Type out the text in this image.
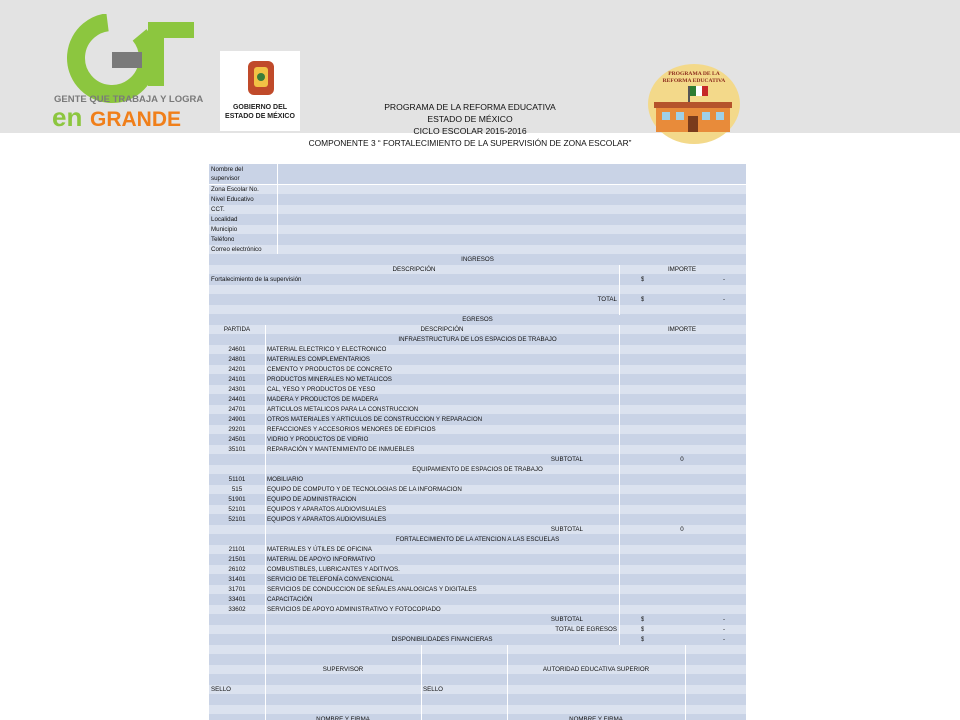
GENTE QUE TRABAJA Y LOGRA
en GRANDE
GOBIERNO DEL
ESTADO DE MÉXICO
PROGRAMA DE LA
REFORMA EDUCATIVA
PROGRAMA DE LA REFORMA EDUCATIVA
ESTADO DE MÉXICO
CICLO ESCOLAR 2015-2016
COMPONENTE 3 “ FORTALECIMIENTO DE LA SUPERVISIÓN DE ZONA ESCOLAR”
Nombre del
supervisor
Zona Escolar No.
Nivel Educativo
CCT.
Localidad
Municipio
Teléfono
Correo electrónico
INGRESOS
DESCRIPCIÓN	IMPORTE
Fortalecimiento de la supervisión	$	-
TOTAL	$	-
EGRESOS
PARTIDA	DESCRIPCIÓN	IMPORTE
INFRAESTRUCTURA DE LOS ESPACIOS DE TRABAJO
24601	MATERIAL ELECTRICO Y ELECTRONICO
24801	MATERIALES COMPLEMENTARIOS
24201	CEMENTO Y PRODUCTOS DE CONCRETO
24101	PRODUCTOS MINERALES NO METALICOS
24301	CAL, YESO Y PRODUCTOS DE YESO
24401	MADERA Y PRODUCTOS DE MADERA
24701	ARTICULOS METALICOS PARA LA CONSTRUCCION
24901	OTROS MATERIALES Y ARTICULOS DE CONSTRUCCION Y REPARACION
29201	REFACCIONES Y ACCESORIOS MENORES DE EDIFICIOS
24501	VIDRIO Y PRODUCTOS DE VIDRIO
35101	REPARACIÓN Y MANTENIMIENTO DE INMUEBLES
SUBTOTAL	0
EQUIPAMIENTO DE ESPACIOS DE TRABAJO
51101	MOBILIARIO
515	EQUIPO DE COMPUTO Y DE TECNOLOGIAS DE LA INFORMACION
51901	EQUIPO DE ADMINISTRACION
52101	EQUIPOS Y APARATOS AUDIOVISUALES
52101	EQUIPOS Y APARATOS AUDIOVISUALES
SUBTOTAL	0
FORTALECIMIENTO DE LA ATENCION A LAS ESCUELAS
21101	MATERIALES Y ÚTILES DE OFICINA
21501	MATERIAL DE APOYO INFORMATIVO
26102	COMBUSTIBLES, LUBRICANTES Y ADITIVOS.
31401	SERVICIO DE TELEFONÍA CONVENCIONAL
31701	SERVICIOS DE CONDUCCION DE SEÑALES ANALOGICAS Y DIGITALES
33401	CAPACITACIÓN
33602	SERVICIOS DE APOYO ADMINISTRATIVO Y FOTOCOPIADO
SUBTOTAL	$	-
TOTAL DE EGRESOS	$	-
DISPONIBILIDADES FINANCIERAS	$	-
SUPERVISOR	AUTORIDAD EDUCATIVA SUPERIOR
SELLO	SELLO
NOMBRE Y FIRMA	NOMBRE Y FIRMA
